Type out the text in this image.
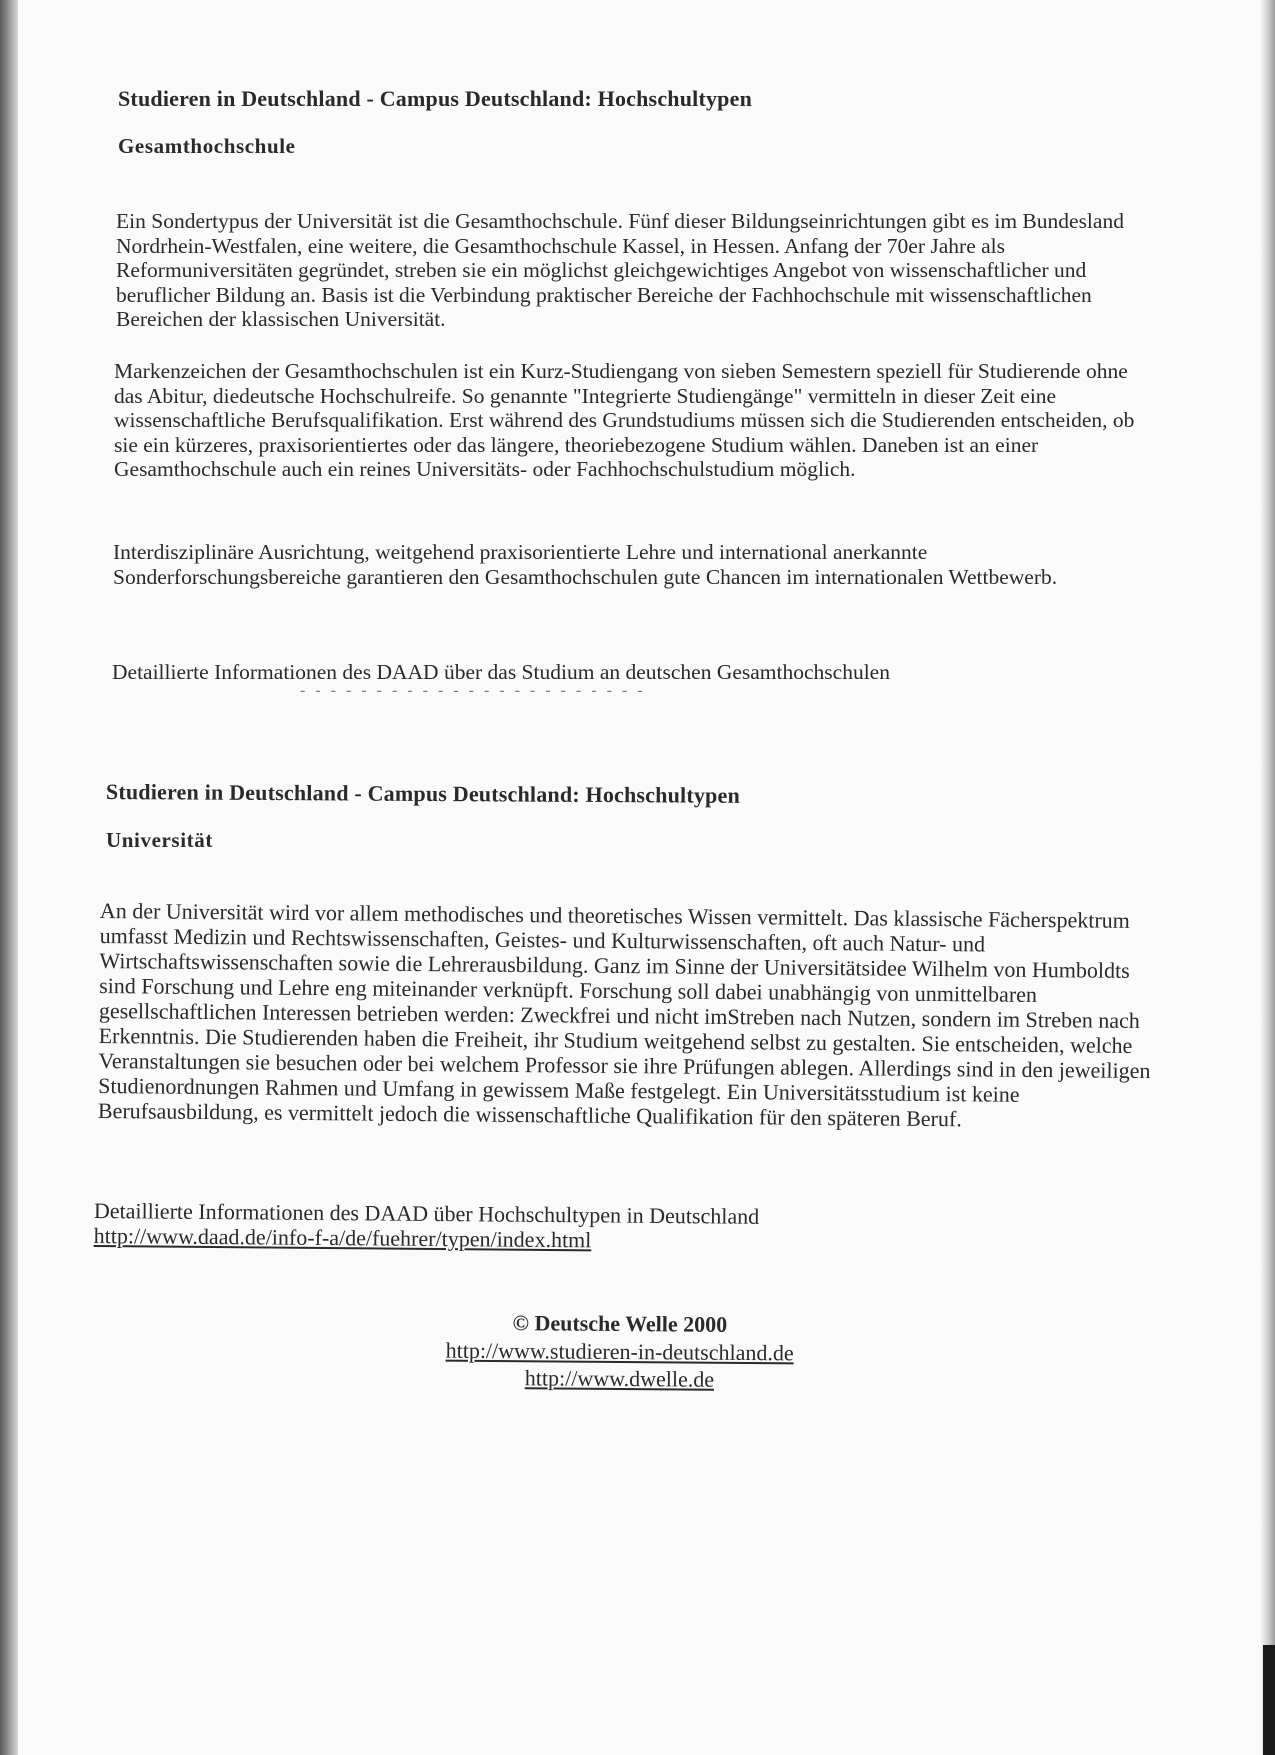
Studieren in Deutschland - Campus Deutschland: Hochschultypen
Gesamthochschule

Ein Sondertypus der Universität ist die Gesamthochschule. Fünf dieser Bildungseinrichtungen gibt es im Bundesland Nordrhein-Westfalen, eine weitere, die Gesamthochschule Kassel, in Hessen. Anfang der 70er Jahre als Reformuniversitäten gegründet, streben sie ein möglichst gleichgewichtiges Angebot von wissenschaftlicher und beruflicher Bildung an. Basis ist die Verbindung praktischer Bereiche der Fachhochschule mit wissenschaftlichen Bereichen der klassischen Universität.

Markenzeichen der Gesamthochschulen ist ein Kurz-Studiengang von sieben Semestern speziell für Studierende ohne das Abitur, diedeutsche Hochschulreife. So genannte "Integrierte Studiengänge" vermitteln in dieser Zeit eine wissenschaftliche Berufsqualifikation. Erst während des Grundstudiums müssen sich die Studierenden entscheiden, ob sie ein kürzeres, praxisorientiertes oder das längere, theoriebezogene Studium wählen. Daneben ist an einer Gesamthochschule auch ein reines Universitäts- oder Fachhochschulstudium möglich.

Interdisziplinäre Ausrichtung, weitgehend praxisorientierte Lehre und international anerkannte Sonderforschungsbereiche garantieren den Gesamthochschulen gute Chancen im internationalen Wettbewerb.

Detaillierte Informationen des DAAD über das Studium an deutschen Gesamthochschulen
- - - - - - - - - - - - - - - - - - - - - - -
Studieren in Deutschland - Campus Deutschland: Hochschultypen
Universität

An der Universität wird vor allem methodisches und theoretisches Wissen vermittelt. Das klassische Fächerspektrum umfasst Medizin und Rechtswissenschaften, Geistes- und Kulturwissenschaften, oft auch Natur- und Wirtschaftswissenschaften sowie die Lehrerausbildung. Ganz im Sinne der Universitätsidee Wilhelm von Humboldts sind Forschung und Lehre eng miteinander verknüpft. Forschung soll dabei unabhängig von unmittelbaren gesellschaftlichen Interessen betrieben werden: Zweckfrei und nicht imStreben nach Nutzen, sondern im Streben nach Erkenntnis. Die Studierenden haben die Freiheit, ihr Studium weitgehend selbst zu gestalten. Sie entscheiden, welche Veranstaltungen sie besuchen oder bei welchem Professor sie ihre Prüfungen ablegen. Allerdings sind in den jeweiligen Studienordnungen Rahmen und Umfang in gewissem Maße festgelegt. Ein Universitätsstudium ist keine Berufsausbildung, es vermittelt jedoch die wissenschaftliche Qualifikation für den späteren Beruf.

Detaillierte Informationen des DAAD über Hochschultypen in Deutschland
http://www.daad.de/info-f-a/de/fuehrer/typen/index.html
© Deutsche Welle 2000
http://www.studieren-in-deutschland.de
http://www.dwelle.de
